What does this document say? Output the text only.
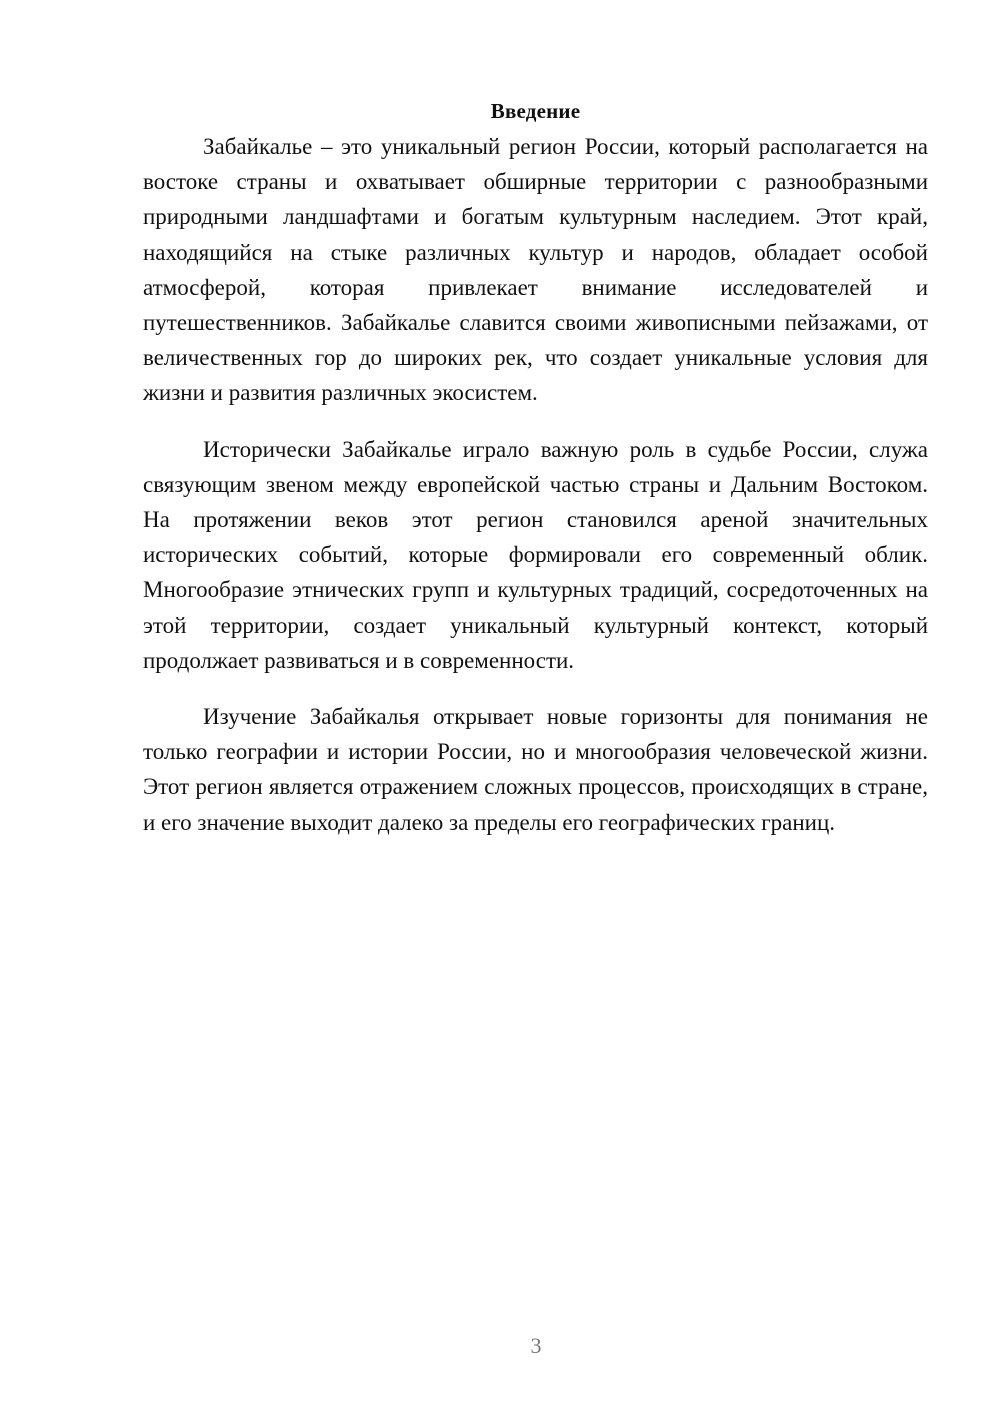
Введение

Забайкалье – это уникальный регион России, который располагается на востоке страны и охватывает обширные территории с разнообразными природными ландшафтами и богатым культурным наследием. Этот край, находящийся на стыке различных культур и народов, обладает особой атмосферой, которая привлекает внимание исследователей и путешественников. Забайкалье славится своими живописными пейзажами, от величественных гор до широких рек, что создает уникальные условия для жизни и развития различных экосистем.

Исторически Забайкалье играло важную роль в судьбе России, служа связующим звеном между европейской частью страны и Дальним Востоком. На протяжении веков этот регион становился ареной значительных исторических событий, которые формировали его современный облик. Многообразие этнических групп и культурных традиций, сосредоточенных на этой территории, создает уникальный культурный контекст, который продолжает развиваться и в современности.

Изучение Забайкалья открывает новые горизонты для понимания не только географии и истории России, но и многообразия человеческой жизни. Этот регион является отражением сложных процессов, происходящих в стране, и его значение выходит далеко за пределы его географических границ.

3
